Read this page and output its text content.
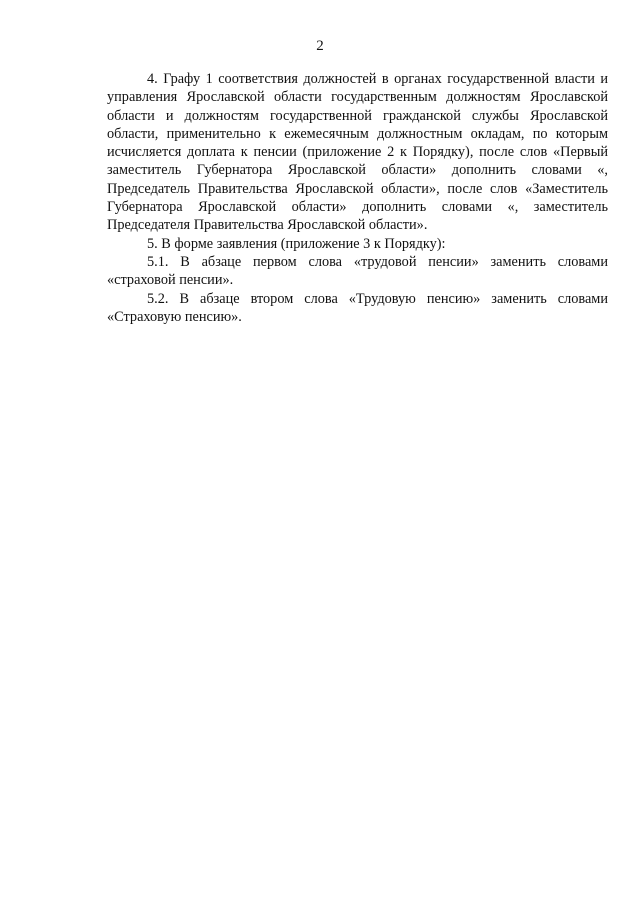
2

4. Графу 1 соответствия должностей в органах государственной власти и управления Ярославской области государственным должностям Ярославской области и должностям государственной гражданской службы Ярославской области, применительно к ежемесячным должностным окладам, по которым исчисляется доплата к пенсии (приложение 2 к Порядку), после слов «Первый заместитель Губернатора Ярославской области» дополнить словами «, Председатель Правительства Ярославской области», после слов «Заместитель Губернатора Ярославской области» дополнить словами «, заместитель Председателя Правительства Ярославской области».

5. В форме заявления (приложение 3 к Порядку):

5.1. В абзаце первом слова «трудовой пенсии» заменить словами «страховой пенсии».

5.2. В абзаце втором слова «Трудовую пенсию» заменить словами «Страховую пенсию».
